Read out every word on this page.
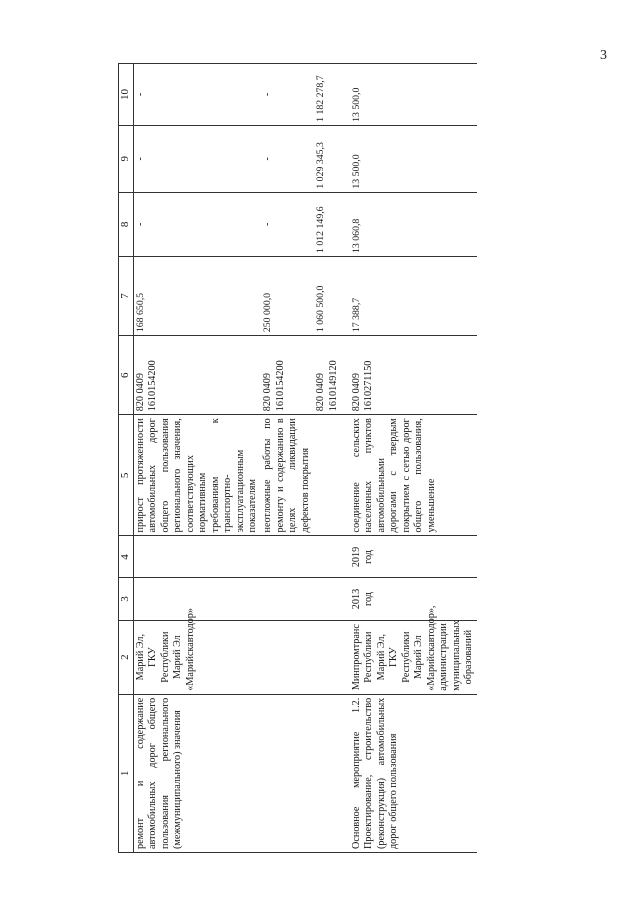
3
1	2	3	4	5	6	7	8	9	10
ремонт и содержание автомобильных дорог общего пользования регионального (межмуниципального) значения	Марий Эл, ГКУ Республики Марий Эл «Марийскавтодор»			прирост протяженности автомобильных дорог общего пользования регионального значения, соответствующих нормативным требованиям к транспортно-эксплуатационным показателям	820 0409 1610154200	168 650,5	-	-	-
				неотложные работы по ремонту и содержанию в целях ликвидации дефектов покрытия	820 0409 1610154200	250 000,0	-	-	-
					820 0409 1610149120	1 060 500,0	1 012 149,6	1 029 345,3	1 182 278,7

Основное мероприятие 1.2. Проектирование, строительство (реконструкция) автомобильных дорог общего пользования	Минпромтранс Республики Марий Эл, ГКУ Республики Марий Эл «Марийскавтодор», администрации муниципальных образований	2013 год	2019 год	соединение сельских населенных пунктов автомобильными дорогами с твердым покрытием с сетью дорог общего пользования, уменьшение	820 0409 1610271150	17 388,7	13 060,8	13 500,0	13 500,0
